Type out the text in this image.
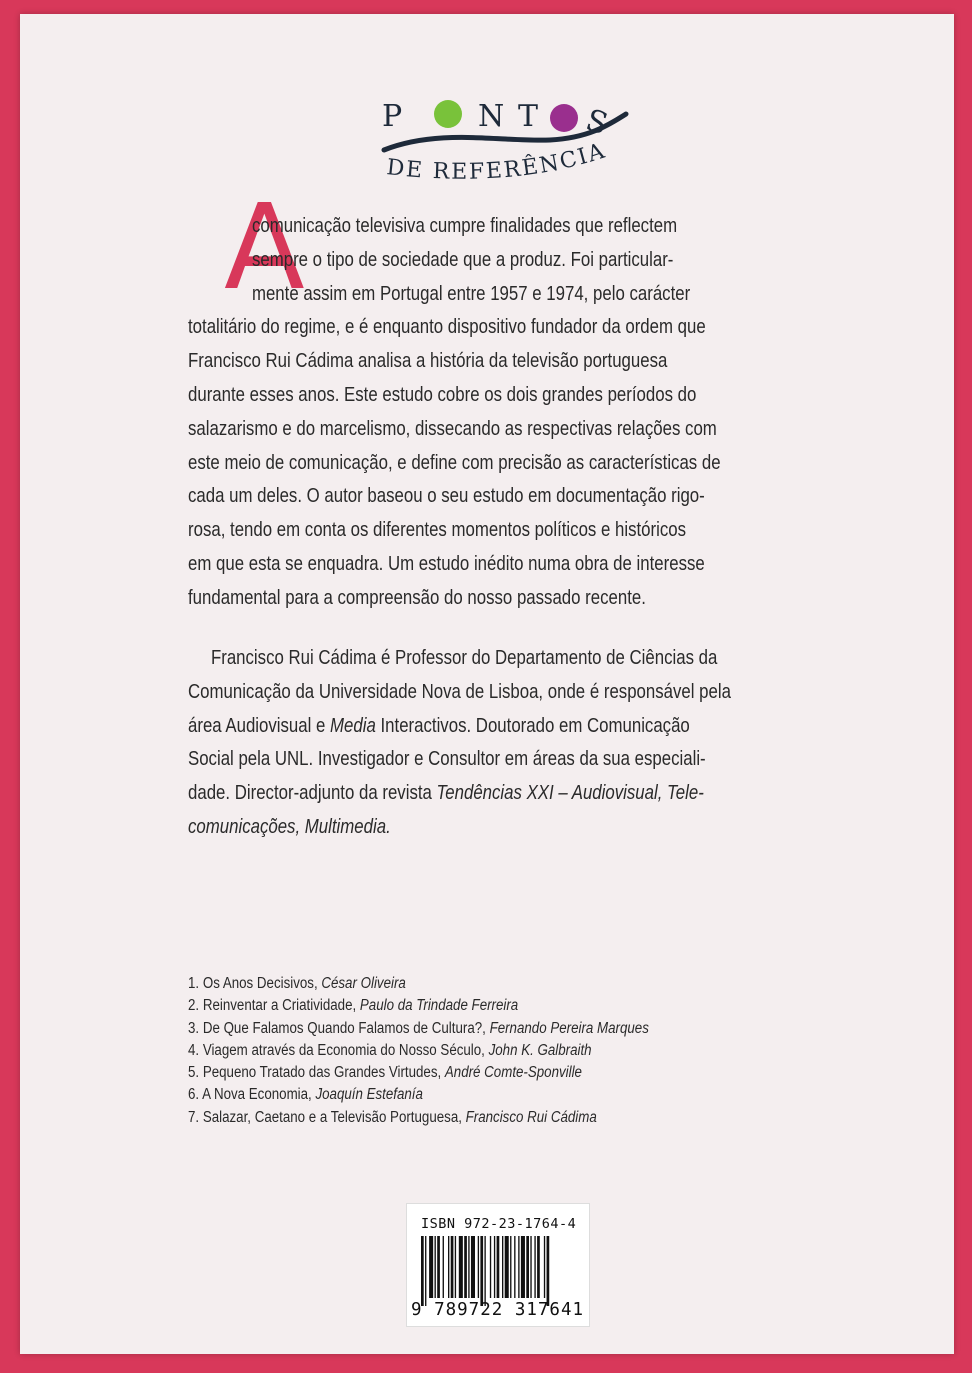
P	N T S
DE REFERÊNCIA
A
comunicação televisiva cumpre finalidades que reflectem
sempre o tipo de sociedade que a produz. Foi particular-
mente assim em Portugal entre 1957 e 1974, pelo carácter
totalitário do regime, e é enquanto dispositivo fundador da ordem que
Francisco Rui Cádima analisa a história da televisão portuguesa
durante esses anos. Este estudo cobre os dois grandes períodos do
salazarismo e do marcelismo, dissecando as respectivas relações com
este meio de comunicação, e define com precisão as características de
cada um deles. O autor baseou o seu estudo em documentação rigo-
rosa, tendo em conta os diferentes momentos políticos e históricos
em que esta se enquadra. Um estudo inédito numa obra de interesse
fundamental para a compreensão do nosso passado recente.
Francisco Rui Cádima é Professor do Departamento de Ciências da
Comunicação da Universidade Nova de Lisboa, onde é responsável pela
área Audiovisual e Media Interactivos. Doutorado em Comunicação
Social pela UNL. Investigador e Consultor em áreas da sua especiali-
dade. Director-adjunto da revista Tendências XXI – Audiovisual, Tele-
comunicações, Multimedia.
1. Os Anos Decisivos, César Oliveira
2. Reinventar a Criatividade, Paulo da Trindade Ferreira
3. De Que Falamos Quando Falamos de Cultura?, Fernando Pereira Marques
4. Viagem através da Economia do Nosso Século, John K. Galbraith
5. Pequeno Tratado das Grandes Virtudes, André Comte-Sponville
6. A Nova Economia, Joaquín Estefanía
7. Salazar, Caetano e a Televisão Portuguesa, Francisco Rui Cádima
ISBN 972-23-1764-4
9 789722 317641
